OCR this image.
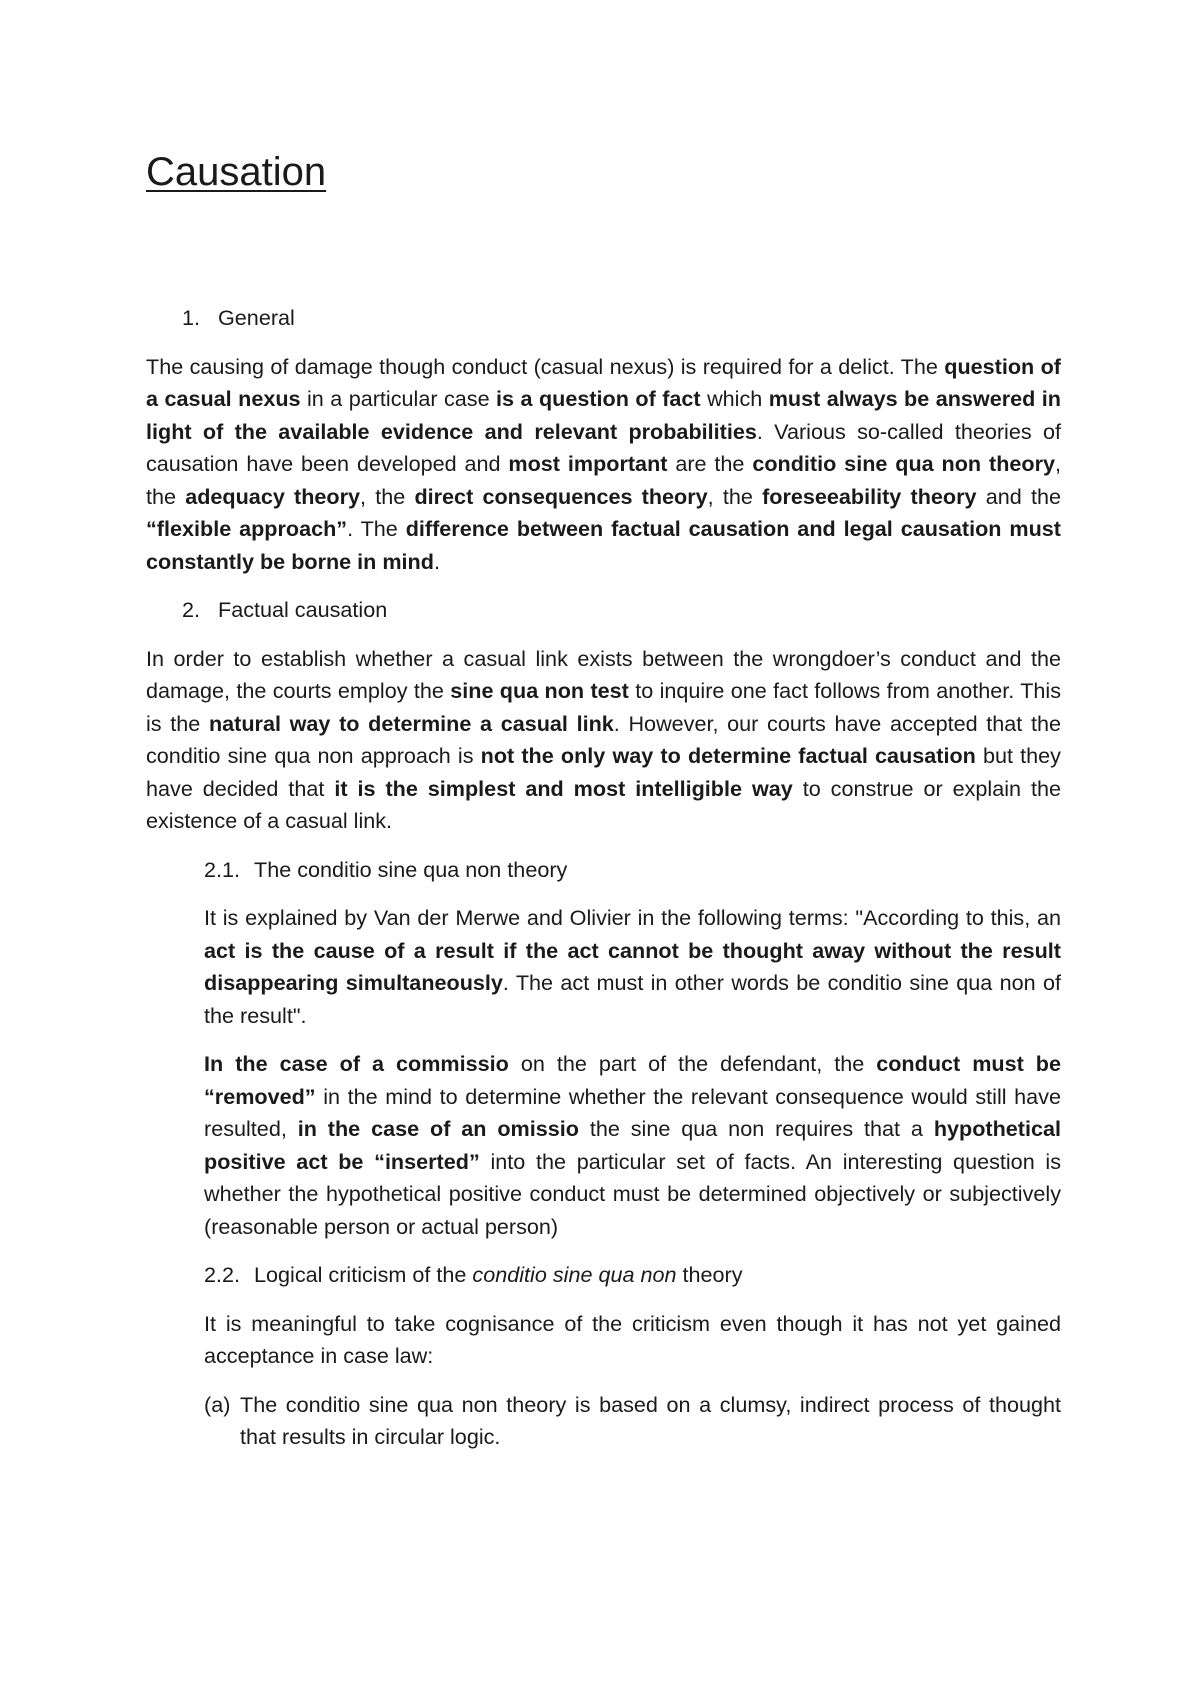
Causation
1. General

The causing of damage though conduct (casual nexus) is required for a delict. The question of a casual nexus in a particular case is a question of fact which must always be answered in light of the available evidence and relevant probabilities. Various so-called theories of causation have been developed and most important are the conditio sine qua non theory, the adequacy theory, the direct consequences theory, the foreseeability theory and the “flexible approach”. The difference between factual causation and legal causation must constantly be borne in mind.

2. Factual causation

In order to establish whether a casual link exists between the wrongdoer’s conduct and the damage, the courts employ the sine qua non test to inquire one fact follows from another. This is the natural way to determine a casual link. However, our courts have accepted that the conditio sine qua non approach is not the only way to determine factual causation but they have decided that it is the simplest and most intelligible way to construe or explain the existence of a casual link.

2.1. The conditio sine qua non theory

It is explained by Van der Merwe and Olivier in the following terms: "According to this, an act is the cause of a result if the act cannot be thought away without the result disappearing simultaneously. The act must in other words be conditio sine qua non of the result".

In the case of a commissio on the part of the defendant, the conduct must be “removed” in the mind to determine whether the relevant consequence would still have resulted, in the case of an omissio the sine qua non requires that a hypothetical positive act be “inserted” into the particular set of facts. An interesting question is whether the hypothetical positive conduct must be determined objectively or subjectively (reasonable person or actual person)

2.2. Logical criticism of the conditio sine qua non theory

It is meaningful to take cognisance of the criticism even though it has not yet gained acceptance in case law:

(a) The conditio sine qua non theory is based on a clumsy, indirect process of thought that results in circular logic.
